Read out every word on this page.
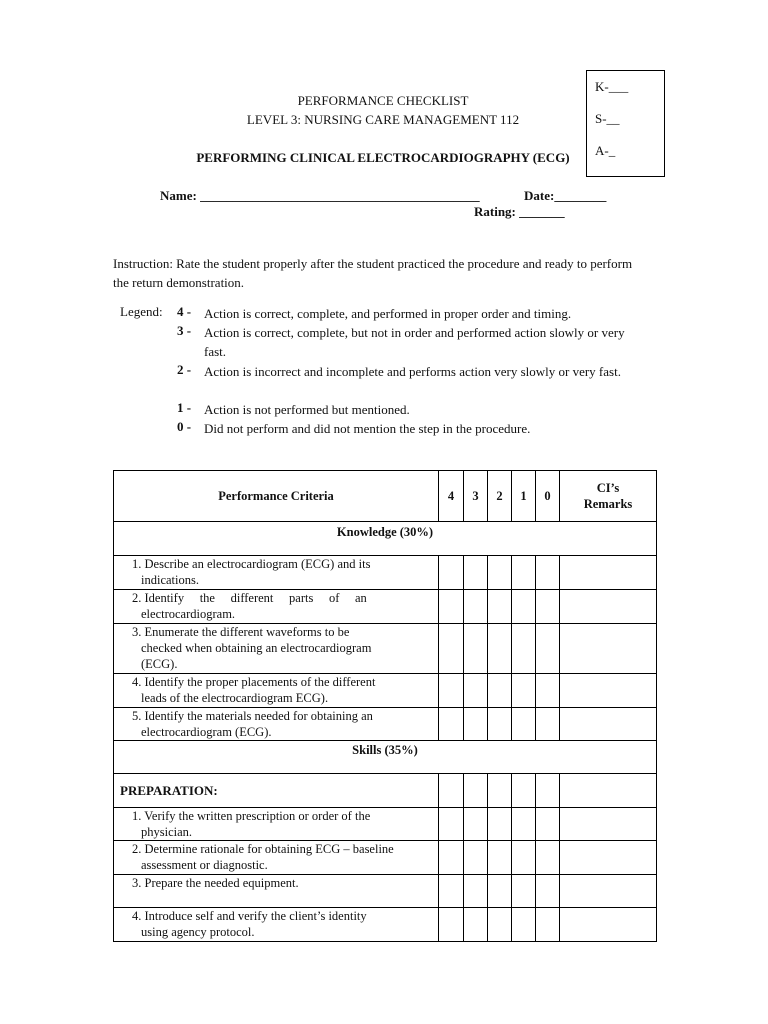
K-___
S-__
A-_
PERFORMANCE CHECKLIST
LEVEL 3: NURSING CARE MANAGEMENT 112
PERFORMING CLINICAL ELECTROCARDIOGRAPHY (ECG)
Name: ___________________________________________	Date:________
Rating: _______
Instruction: Rate the student properly after the student practiced the procedure and ready to perform the return demonstration.
Legend: 4 - Action is correct, complete, and performed in proper order and timing.
3 - Action is correct, complete, but not in order and performed action slowly or very fast.
2 - Action is incorrect and incomplete and performs action very slowly or very fast.
1 - Action is not performed but mentioned.
0 - Did not perform and did not mention the step in the procedure.
Performance Criteria	4	3	2	1	0	CI’s Remarks
Knowledge (30%)						

1. Describe an electrocardiogram (ECG) and its
indications.						

2. Identify     the     different     parts     of     an
electrocardiogram.						

3. Enumerate the different waveforms to be
checked when obtaining an electrocardiogram
(ECG).						

4. Identify the proper placements of the different
leads of the electrocardiogram ECG).						

5. Identify the materials needed for obtaining an
electrocardiogram (ECG).						

Skills (35%)						
PREPARATION:						

1. Verify the written prescription or order of the
physician.						

2. Determine rationale for obtaining ECG – baseline
assessment or diagnostic.						

3. Prepare the needed equipment.						

4. Introduce self and verify the client’s identity
using agency protocol.						
